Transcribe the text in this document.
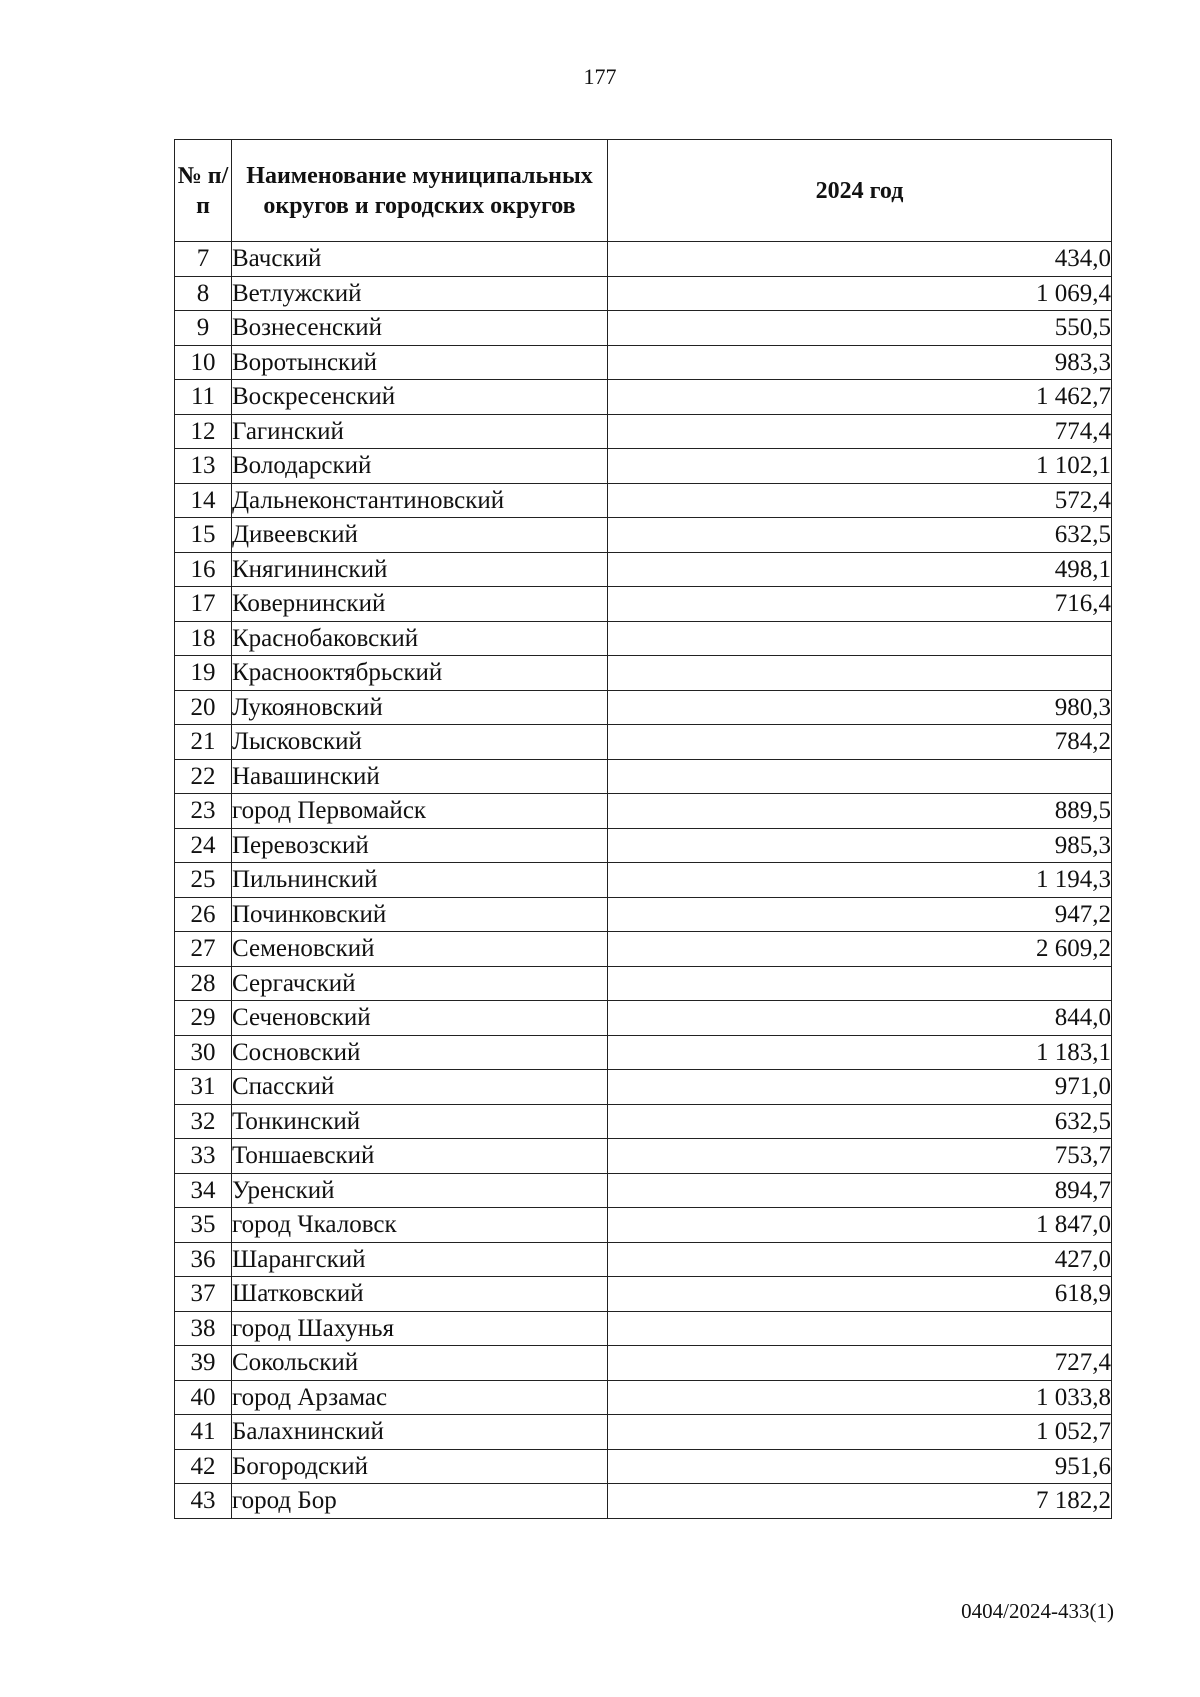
177
№ п/п	Наименование муниципальных округов и городских округов	2024 год
7	Вачский	434,0
8	Ветлужский	1 069,4
9	Вознесенский	550,5
10	Воротынский	983,3
11	Воскресенский	1 462,7
12	Гагинский	774,4
13	Володарский	1 102,1
14	Дальнеконстантиновский	572,4
15	Дивеевский	632,5
16	Княгининский	498,1
17	Ковернинский	716,4
18	Краснобаковский	
19	Краснооктябрьский	
20	Лукояновский	980,3
21	Лысковский	784,2
22	Навашинский	
23	город Первомайск	889,5
24	Перевозский	985,3
25	Пильнинский	1 194,3
26	Починковский	947,2
27	Семеновский	2 609,2
28	Сергачский	
29	Сеченовский	844,0
30	Сосновский	1 183,1
31	Спасский	971,0
32	Тонкинский	632,5
33	Тоншаевский	753,7
34	Уренский	894,7
35	город Чкаловск	1 847,0
36	Шарангский	427,0
37	Шатковский	618,9
38	город Шахунья	
39	Сокольский	727,4
40	город Арзамас	1 033,8
41	Балахнинский	1 052,7
42	Богородский	951,6
43	город Бор	7 182,2
0404/2024-433(1)
